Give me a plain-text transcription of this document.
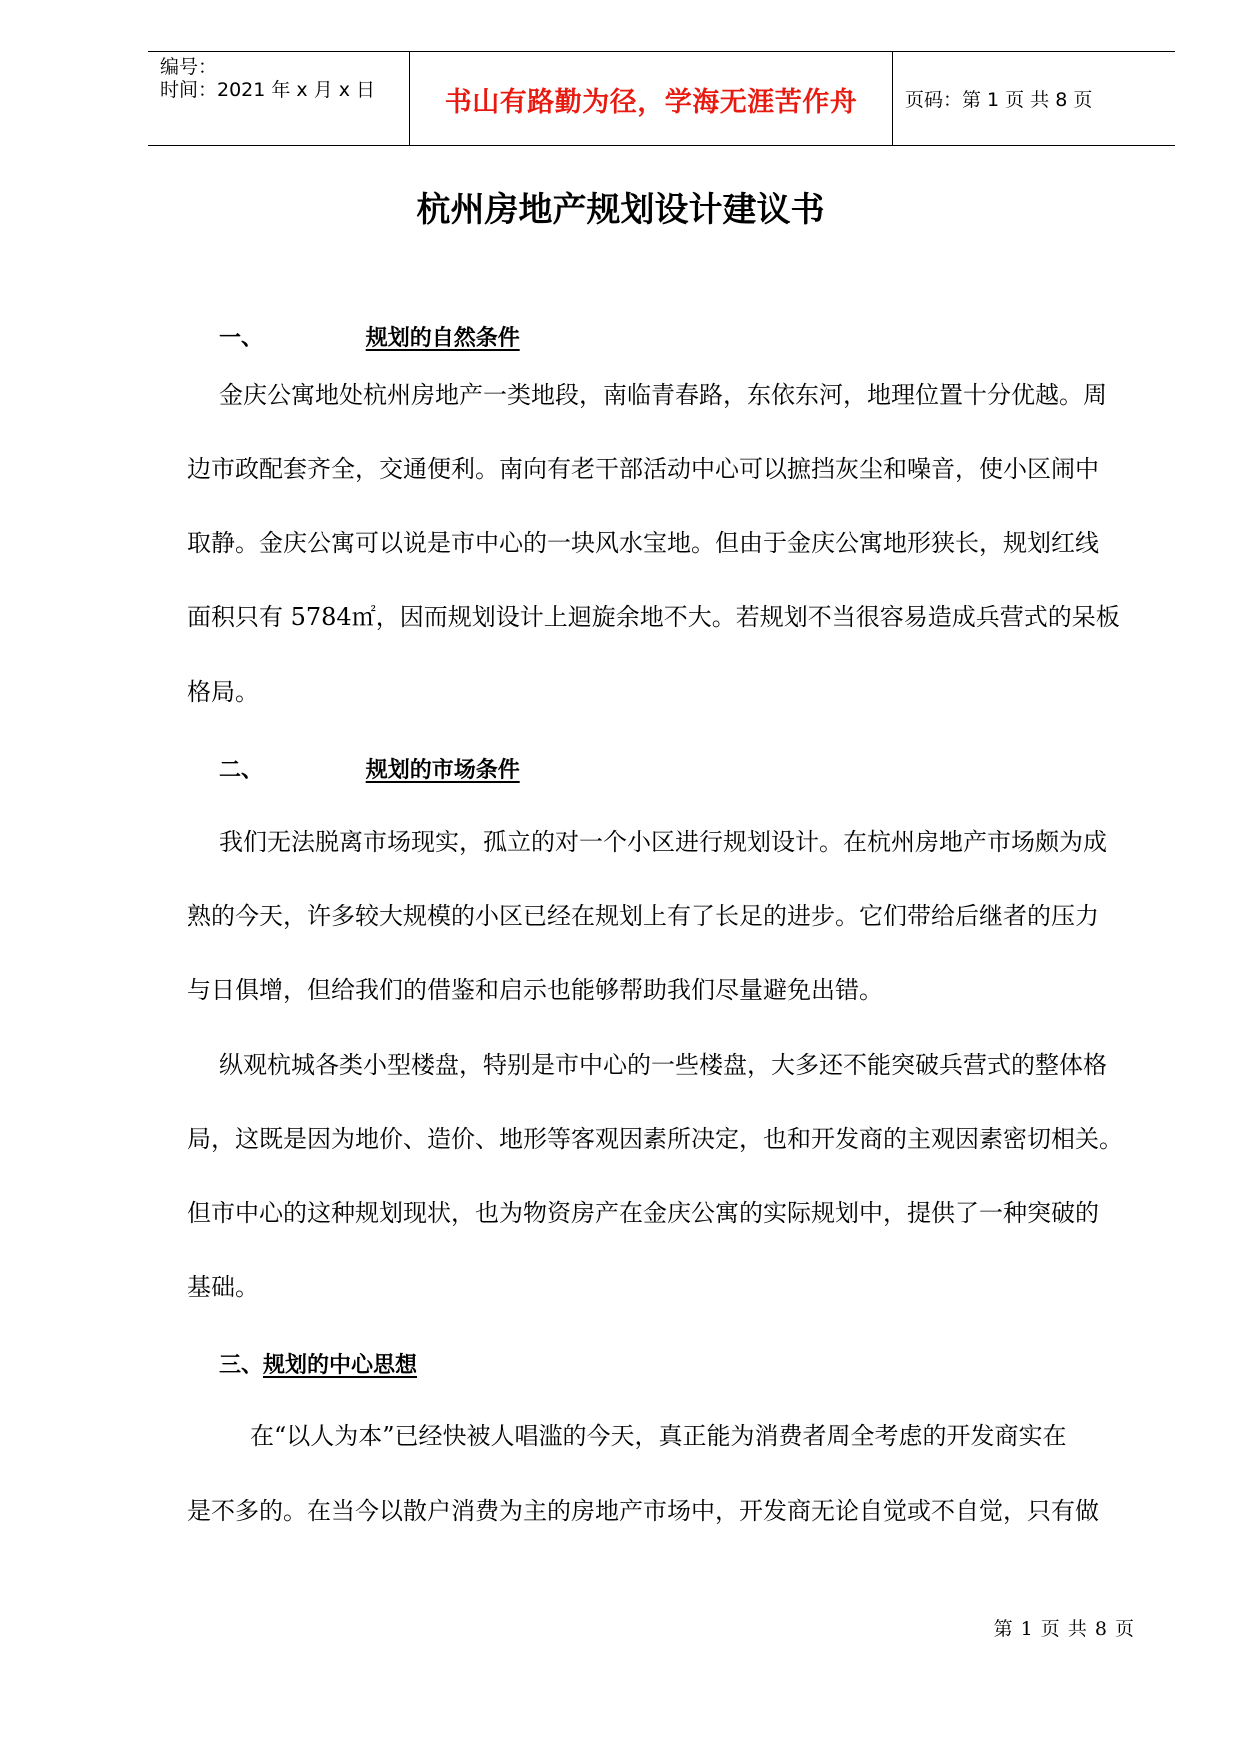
编号：
时间：2021 年 x 月 x 日	书山有路勤为径，学海无涯苦作舟	页码：第 1 页 共 8 页
杭州房地产规划设计建议书
一、	规划的自然条件
金庆公寓地处杭州房地产一类地段，南临青春路，东依东河，地理位置十分优越。周
边市政配套齐全，交通便利。南向有老干部活动中心可以摭挡灰尘和噪音，使小区闹中
取静。金庆公寓可以说是市中心的一块风水宝地。但由于金庆公寓地形狭长，规划红线
面积只有 5784㎡，因而规划设计上迴旋余地不大。若规划不当很容易造成兵营式的呆板
格局。
二、	规划的市场条件
我们无法脱离市场现实，孤立的对一个小区进行规划设计。在杭州房地产市场颇为成
熟的今天，许多较大规模的小区已经在规划上有了长足的进步。它们带给后继者的压力
与日俱增，但给我们的借鉴和启示也能够帮助我们尽量避免出错。
纵观杭城各类小型楼盘，特别是市中心的一些楼盘，大多还不能突破兵营式的整体格
局，这既是因为地价、造价、地形等客观因素所决定，也和开发商的主观因素密切相关。
但市中心的这种规划现状，也为物资房产在金庆公寓的实际规划中，提供了一种突破的
基础。
三、规划的中心思想
在“以人为本”已经快被人唱滥的今天，真正能为消费者周全考虑的开发商实在
是不多的。在当今以散户消费为主的房地产市场中，开发商无论自觉或不自觉，只有做
第 1 页 共 8 页
